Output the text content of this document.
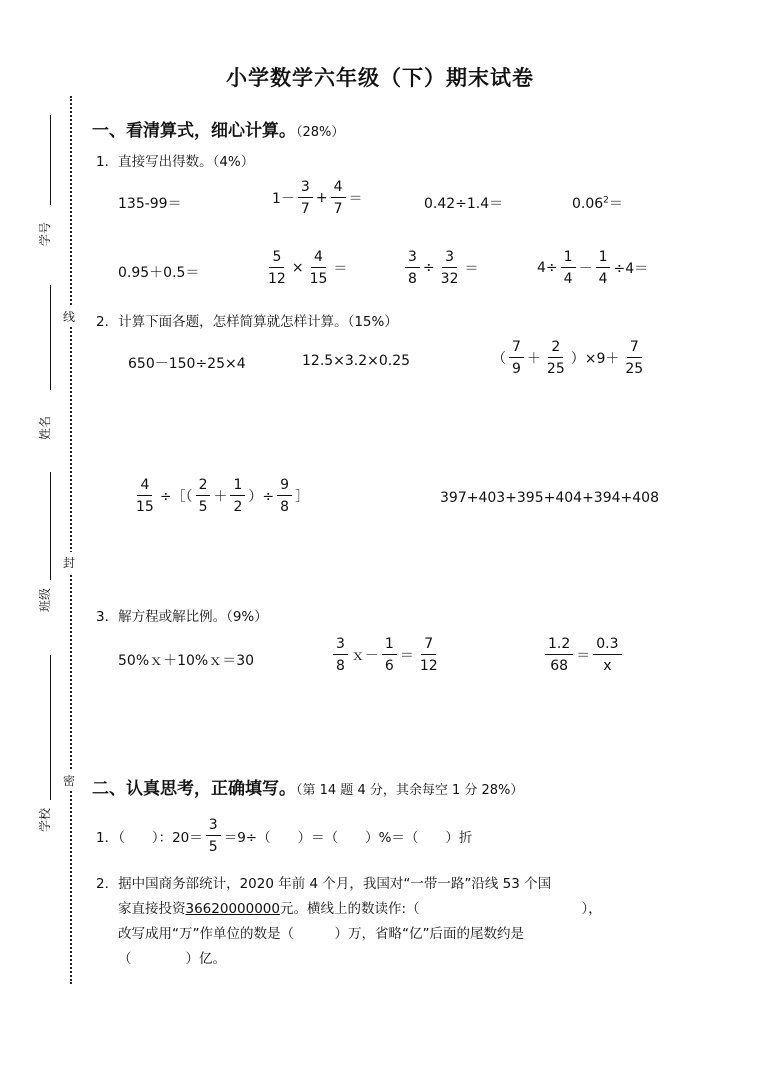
小学数学六年级（下）期末试卷
学号
姓名
班级
学校
线
封
密
一、看清算式，细心计算。（28%）
1．直接写出得数。（4%）
135-99＝	$1- \frac{3}{7} + \frac{4}{7}$ ＝	0.42÷1.4＝	$0.06^2=$
0.95＋0.5＝	$\frac{5}{12} \times \frac{4}{15}$ ＝	$\frac{3}{8} \div \frac{3}{32}$ ＝	$4\div \frac{1}{4} - \frac{1}{4} \div 4=$
2．计算下面各题，怎样简算就怎样计算。（15%）
650－150÷25×4	12.5×3.2×0.25	（ $\frac{7}{9} + \frac{2}{25} )\times 9+ \frac{7}{25}$
$\frac{4}{15}$ ÷［（ $\frac{2}{5} + \frac{1}{2}$ ）÷ $\frac{9}{8}$ ］	397+403+395+404+394+408
3．解方程或解比例。（9%）
50%ｘ＋10%ｘ＝30	$\frac{3}{8}$ ｘ－ $\frac{1}{6} = \frac{7}{12}$	$\frac{1.2}{68} = \frac{0.3}{x}$
二、认真思考，正确填写。（第 14 题 4 分，其余每空 1 分 28%）
1．（　　）：$20= \frac{3}{5} =9\div$（　　）＝（　　）%＝（　　）折
2．据中国商务部统计，2020 年前 4 个月，我国对“一带一路”沿线 53 个国
家直接投资36620000000元。横线上的数读作:（　　　　　　　　　　　　），
改写成用“万”作单位的数是（　　　）万，省略“亿”后面的尾数约是
（　　　　）亿。
